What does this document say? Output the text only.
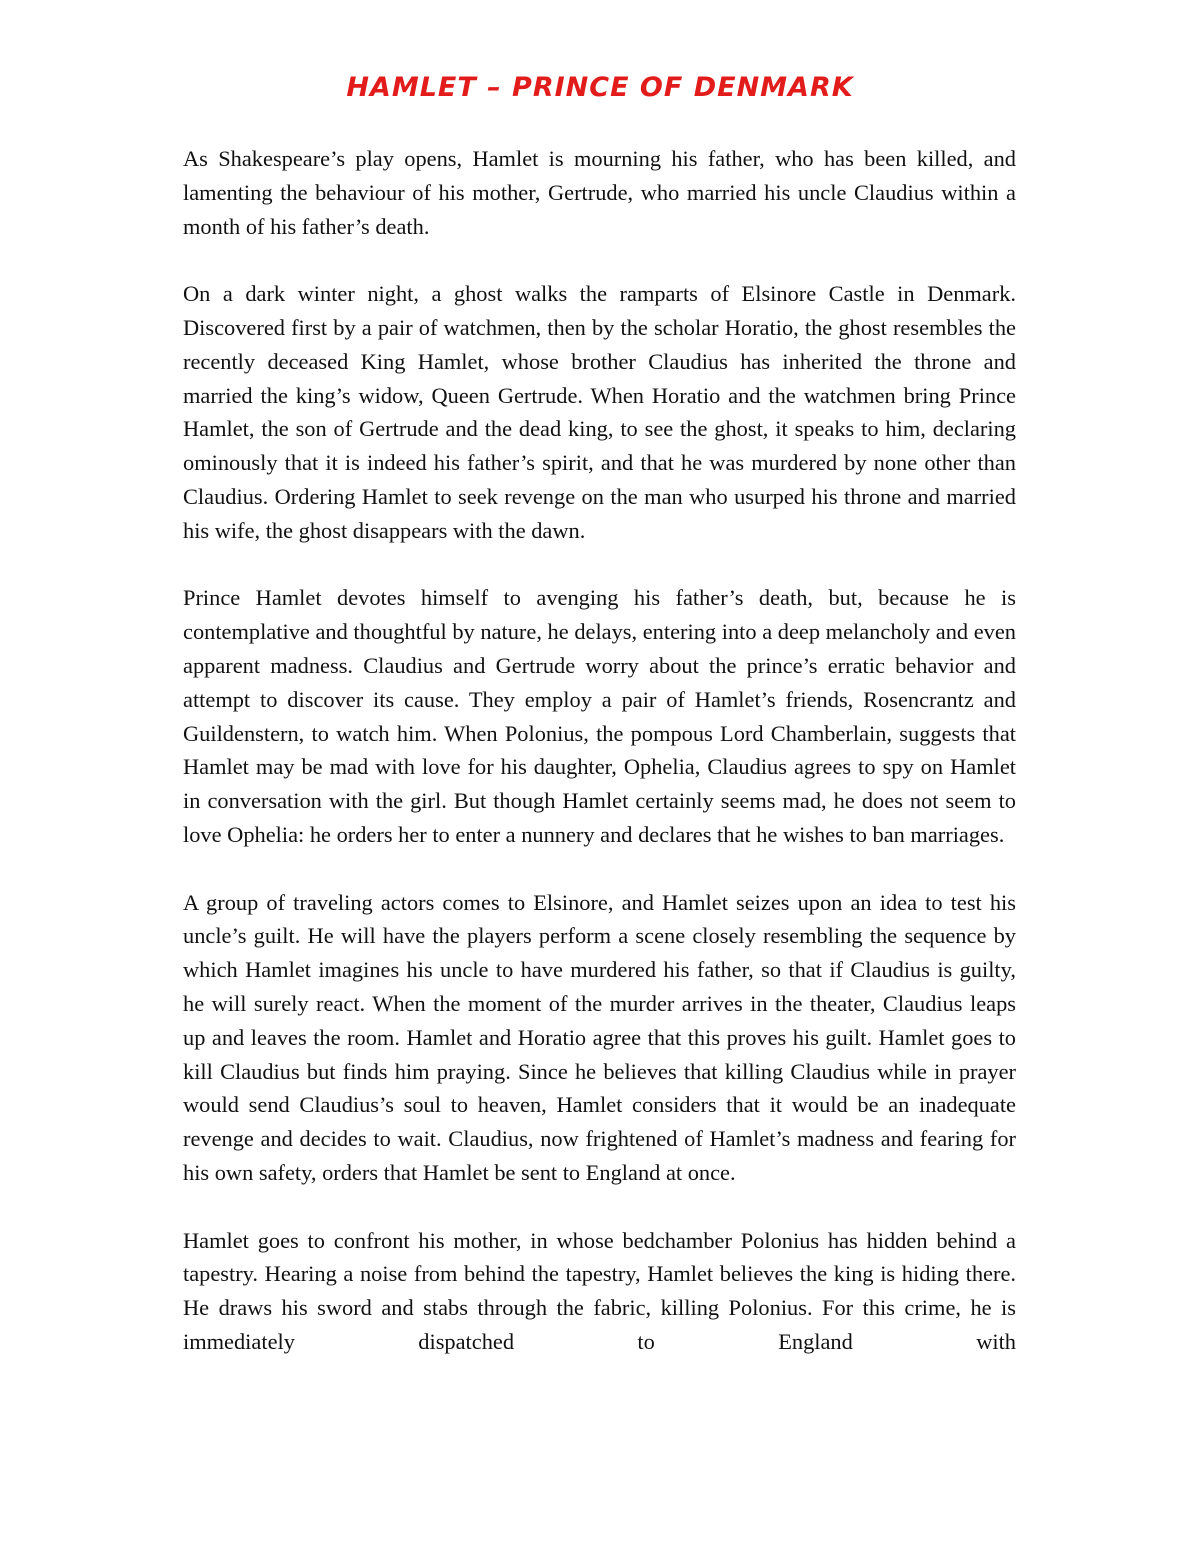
HAMLET – PRINCE OF DENMARK

As Shakespeare’s play opens, Hamlet is mourning his father, who has been killed, and lamenting the behaviour of his mother, Gertrude, who married his uncle Claudius within a month of his father’s death.

On a dark winter night, a ghost walks the ramparts of Elsinore Castle in Denmark. Discovered first by a pair of watchmen, then by the scholar Horatio, the ghost resembles the recently deceased King Hamlet, whose brother Claudius has inherited the throne and married the king’s widow, Queen Gertrude. When Horatio and the watchmen bring Prince Hamlet, the son of Gertrude and the dead king, to see the ghost, it speaks to him, declaring ominously that it is indeed his father’s spirit, and that he was murdered by none other than Claudius. Ordering Hamlet to seek revenge on the man who usurped his throne and married his wife, the ghost disappears with the dawn.

Prince Hamlet devotes himself to avenging his father’s death, but, because he is contemplative and thoughtful by nature, he delays, entering into a deep melancholy and even apparent madness. Claudius and Gertrude worry about the prince’s erratic behavior and attempt to discover its cause. They employ a pair of Hamlet’s friends, Rosencrantz and Guildenstern, to watch him. When Polonius, the pompous Lord Chamberlain, suggests that Hamlet may be mad with love for his daughter, Ophelia, Claudius agrees to spy on Hamlet in conversation with the girl. But though Hamlet certainly seems mad, he does not seem to love Ophelia: he orders her to enter a nunnery and declares that he wishes to ban marriages.

A group of traveling actors comes to Elsinore, and Hamlet seizes upon an idea to test his uncle’s guilt. He will have the players perform a scene closely resembling the sequence by which Hamlet imagines his uncle to have murdered his father, so that if Claudius is guilty, he will surely react. When the moment of the murder arrives in the theater, Claudius leaps up and leaves the room. Hamlet and Horatio agree that this proves his guilt. Hamlet goes to kill Claudius but finds him praying. Since he believes that killing Claudius while in prayer would send Claudius’s soul to heaven, Hamlet considers that it would be an inadequate revenge and decides to wait. Claudius, now frightened of Hamlet’s madness and fearing for his own safety, orders that Hamlet be sent to England at once.

Hamlet goes to confront his mother, in whose bedchamber Polonius has hidden behind a tapestry. Hearing a noise from behind the tapestry, Hamlet believes the king is hiding there. He draws his sword and stabs through the fabric, killing Polonius. For this crime, he is immediately dispatched to England with
